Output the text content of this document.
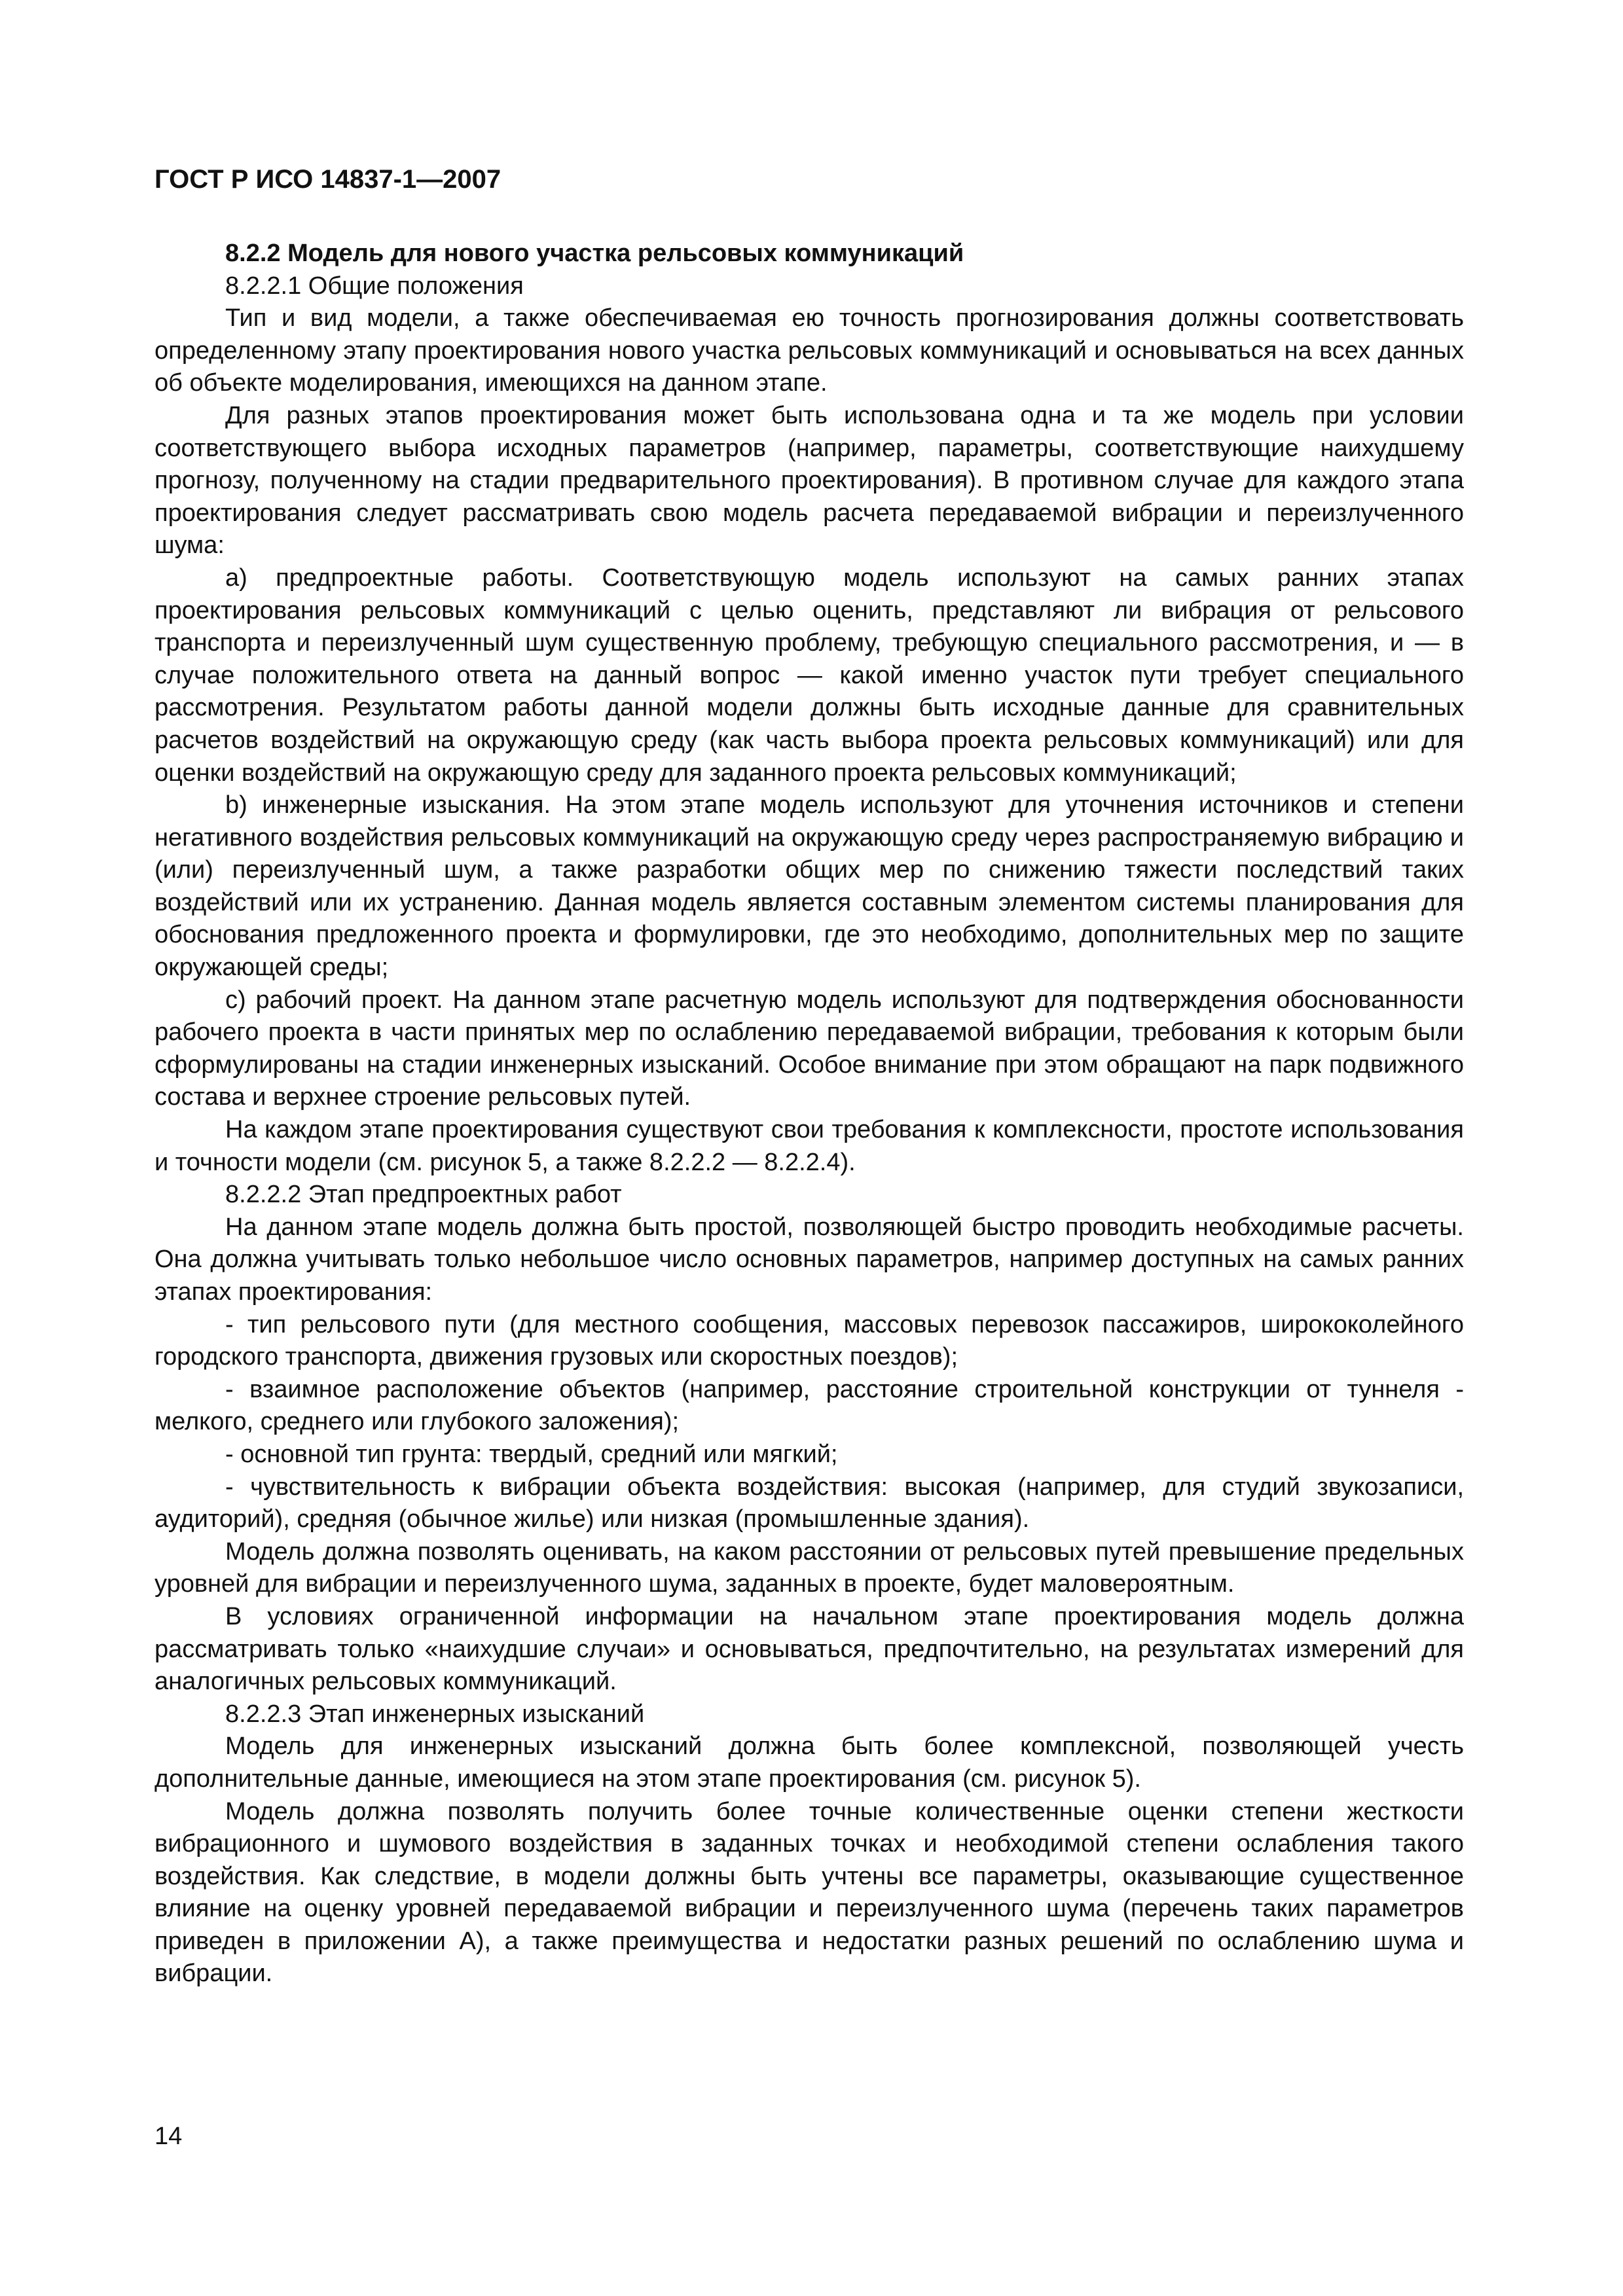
ГОСТ Р ИСО 14837-1—2007

8.2.2 Модель для нового участка рельсовых коммуникаций

8.2.2.1 Общие положения

Тип и вид модели, а также обеспечиваемая ею точность прогнозирования должны соответствовать определенному этапу проектирования нового участка рельсовых коммуникаций и основываться на всех данных об объекте моделирования, имеющихся на данном этапе.

Для разных этапов проектирования может быть использована одна и та же модель при условии соответствующего выбора исходных параметров (например, параметры, соответствующие наихудшему прогнозу, полученному на стадии предварительного проектирования). В противном случае для каждого этапа проектирования следует рассматривать свою модель расчета передаваемой вибрации и переизлученного шума:

a) предпроектные работы. Соответствующую модель используют на самых ранних этапах проектирования рельсовых коммуникаций с целью оценить, представляют ли вибрация от рельсового транспорта и переизлученный шум существенную проблему, требующую специального рассмотрения, и — в случае положительного ответа на данный вопрос — какой именно участок пути требует специального рассмотрения. Результатом работы данной модели должны быть исходные данные для сравнительных расчетов воздействий на окружающую среду (как часть выбора проекта рельсовых коммуникаций) или для оценки воздействий на окружающую среду для заданного проекта рельсовых коммуникаций;

b) инженерные изыскания. На этом этапе модель используют для уточнения источников и степени негативного воздействия рельсовых коммуникаций на окружающую среду через распространяемую вибрацию и (или) переизлученный шум, а также разработки общих мер по снижению тяжести последствий таких воздействий или их устранению. Данная модель является составным элементом системы планирования для обоснования предложенного проекта и формулировки, где это необходимо, дополнительных мер по защите окружающей среды;

c) рабочий проект. На данном этапе расчетную модель используют для подтверждения обоснованности рабочего проекта в части принятых мер по ослаблению передаваемой вибрации, требования к которым были сформулированы на стадии инженерных изысканий. Особое внимание при этом обращают на парк подвижного состава и верхнее строение рельсовых путей.

На каждом этапе проектирования существуют свои требования к комплексности, простоте использования и точности модели (см. рисунок 5, а также 8.2.2.2 — 8.2.2.4).

8.2.2.2 Этап предпроектных работ

На данном этапе модель должна быть простой, позволяющей быстро проводить необходимые расчеты. Она должна учитывать только небольшое число основных параметров, например доступных на самых ранних этапах проектирования:

- тип рельсового пути (для местного сообщения, массовых перевозок пассажиров, ширококолейного городского транспорта, движения грузовых или скоростных поездов);

- взаимное расположение объектов (например, расстояние строительной конструкции от туннеля - мелкого, среднего или глубокого заложения);

- основной тип грунта: твердый, средний или мягкий;

- чувствительность к вибрации объекта воздействия: высокая (например, для студий звукозаписи, аудиторий), средняя (обычное жилье) или низкая (промышленные здания).

Модель должна позволять оценивать, на каком расстоянии от рельсовых путей превышение предельных уровней для вибрации и переизлученного шума, заданных в проекте, будет маловероятным.

В условиях ограниченной информации на начальном этапе проектирования модель должна рассматривать только «наихудшие случаи» и основываться, предпочтительно, на результатах измерений для аналогичных рельсовых коммуникаций.

8.2.2.3 Этап инженерных изысканий

Модель для инженерных изысканий должна быть более комплексной, позволяющей учесть дополнительные данные, имеющиеся на этом этапе проектирования (см. рисунок 5).

Модель должна позволять получить более точные количественные оценки степени жесткости вибрационного и шумового воздействия в заданных точках и необходимой степени ослабления такого воздействия. Как следствие, в модели должны быть учтены все параметры, оказывающие существенное влияние на оценку уровней передаваемой вибрации и переизлученного шума (перечень таких параметров приведен в приложении А), а также преимущества и недостатки разных решений по ослаблению шума и вибрации.

14
